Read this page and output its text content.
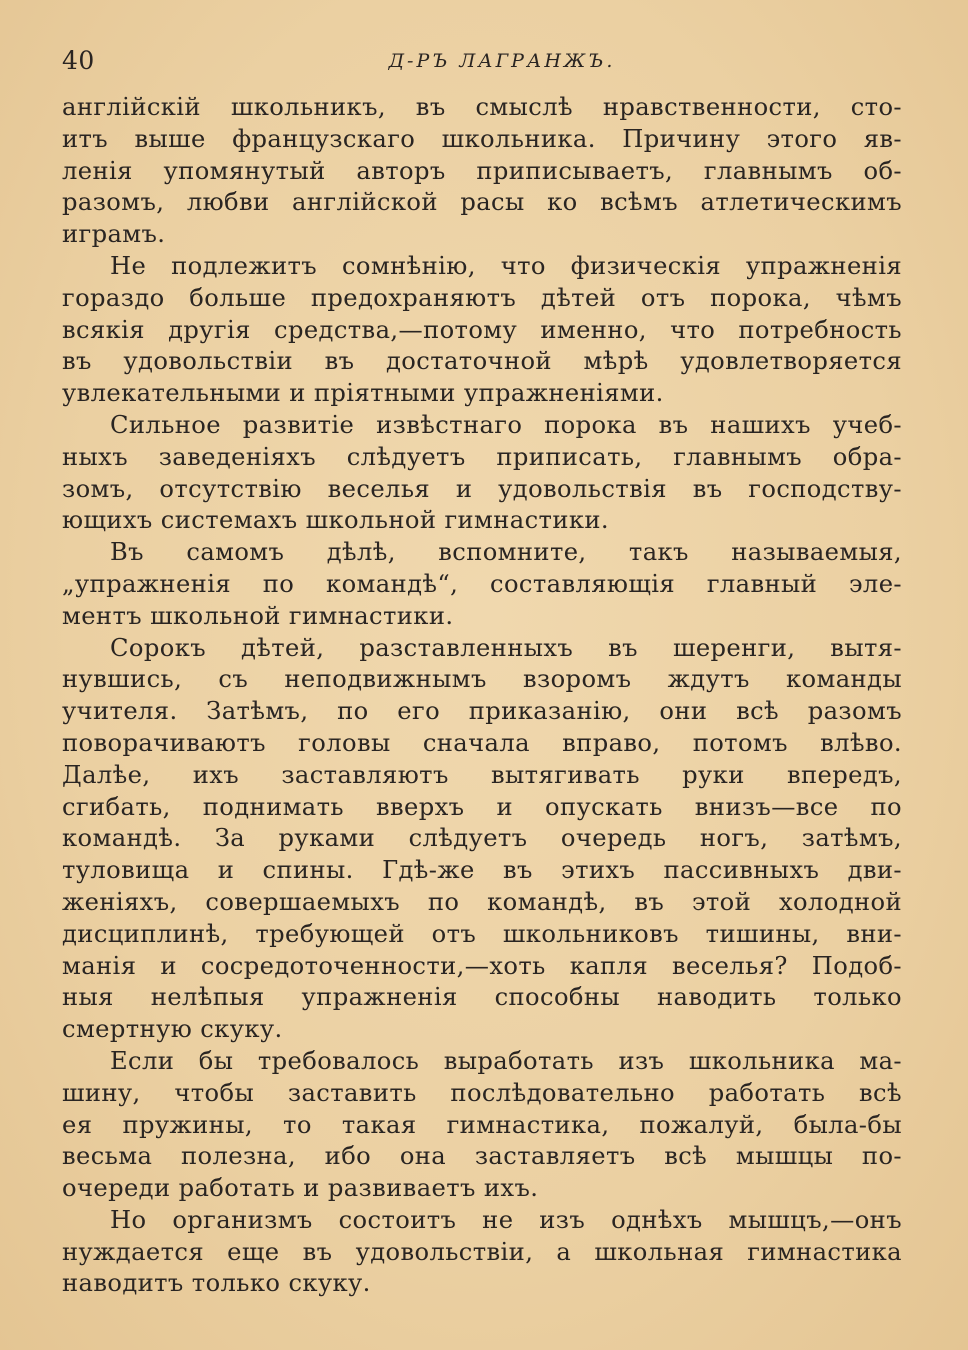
40	Д-РЪ ЛАГРАНЖЪ.
англійскій школьникъ, въ смыслѣ нравственности, сто-
итъ выше французскаго школьника. Причину этого яв-
ленія упомянутый авторъ приписываетъ, главнымъ об-
разомъ, любви англійской расы ко всѣмъ атлетическимъ
играмъ.
Не подлежитъ сомнѣнію, что физическія упражненія
гораздо больше предохраняютъ дѣтей отъ порока, чѣмъ
всякія другія средства,—потому именно, что потребность
въ удовольствіи въ достаточной мѣрѣ удовлетворяется
увлекательными и пріятными упражненіями.
Сильное развитіе извѣстнаго порока въ нашихъ учеб-
ныхъ заведеніяхъ слѣдуетъ приписать, главнымъ обра-
зомъ, отсутствію веселья и удовольствія въ господству-
ющихъ системахъ школьной гимнастики.
Въ самомъ дѣлѣ, вспомните, такъ называемыя,
„упражненія по командѣ“, составляющія главный эле-
ментъ школьной гимнастики.
Сорокъ дѣтей, разставленныхъ въ шеренги, вытя-
нувшись, съ неподвижнымъ взоромъ ждутъ команды
учителя. Затѣмъ, по его приказанію, они всѣ разомъ
поворачиваютъ головы сначала вправо, потомъ влѣво.
Далѣе, ихъ заставляютъ вытягивать руки впередъ,
сгибать, поднимать вверхъ и опускать внизъ—все по
командѣ. За руками слѣдуетъ очередь ногъ, затѣмъ,
туловища и спины. Гдѣ-же въ этихъ пассивныхъ дви-
женіяхъ, совершаемыхъ по командѣ, въ этой холодной
дисциплинѣ, требующей отъ школьниковъ тишины, вни-
манія и сосредоточенности,—хоть капля веселья? Подоб-
ныя нелѣпыя упражненія способны наводить только
смертную скуку.
Если бы требовалось выработать изъ школьника ма-
шину, чтобы заставить послѣдовательно работать всѣ
ея пружины, то такая гимнастика, пожалуй, была-бы
весьма полезна, ибо она заставляетъ всѣ мышцы по-
очереди работать и развиваетъ ихъ.
Но организмъ состоитъ не изъ однѣхъ мышцъ,—онъ
нуждается еще въ удовольствіи, а школьная гимнастика
наводитъ только скуку.
